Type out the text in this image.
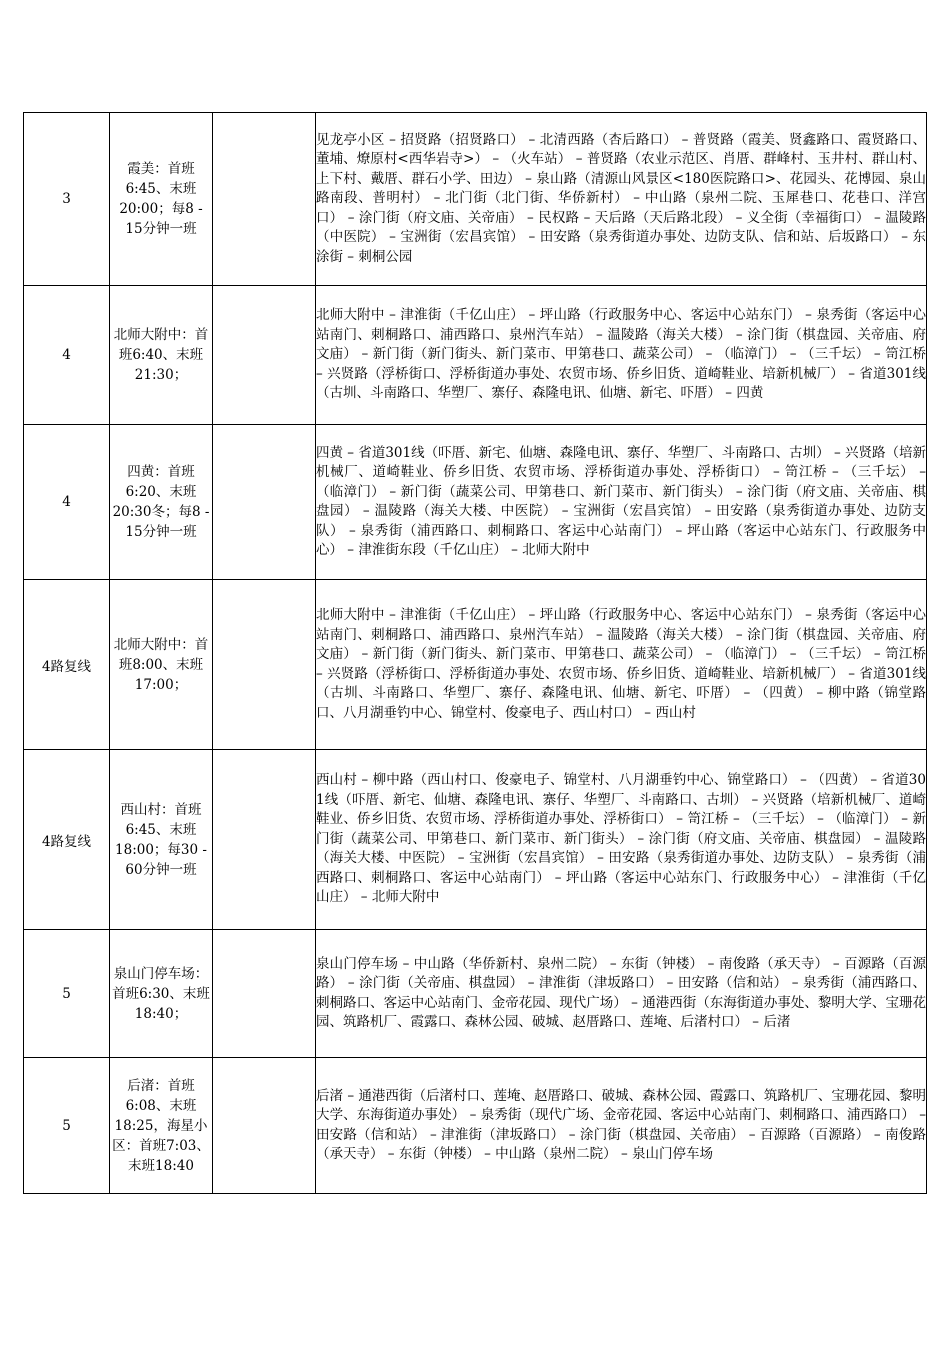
3	霞美：首班6:45、末班20:00；每8 - 15分钟一班		见龙亭小区 – 招贤路（招贤路口） – 北清西路（杏后路口） – 普贤路（霞美、贤鑫路口、霞贤路口、董埔、燎原村<西华岩寺>） – （火车站） – 普贤路（农业示范区、肖厝、群峰村、玉井村、群山村、上下村、戴厝、群石小学、田边） – 泉山路（清源山风景区<180医院路口>、花园头、花博园、泉山路南段、普明村） – 北门街（北门街、华侨新村） – 中山路（泉州二院、玉犀巷口、花巷口、洋宫口） – 涂门街（府文庙、关帝庙） – 民权路 – 天后路（天后路北段） – 义全街（幸福街口） – 温陵路（中医院） – 宝洲街（宏昌宾馆） – 田安路（泉秀街道办事处、边防支队、信和站、后坂路口） – 东涂街 – 刺桐公园

4	北师大附中：首班6:40、末班21:30；		北师大附中 – 津淮街（千亿山庄） – 坪山路（行政服务中心、客运中心站东门） – 泉秀街（客运中心站南门、刺桐路口、浦西路口、泉州汽车站） – 温陵路（海关大楼） – 涂门街（棋盘园、关帝庙、府文庙） – 新门街（新门街头、新门菜市、甲第巷口、蔬菜公司） – （临漳门） – （三千坛） – 笥江桥 – 兴贤路（浮桥街口、浮桥街道办事处、农贸市场、侨乡旧货、道崎鞋业、培新机械厂） – 省道301线（古圳、斗南路口、华塑厂、寨仔、森隆电讯、仙塘、新宅、吓厝） – 四黄

4	四黄：首班6:20、末班20:30冬；每8 - 15分钟一班		四黄 – 省道301线（吓厝、新宅、仙塘、森隆电讯、寨仔、华塑厂、斗南路口、古圳） – 兴贤路（培新机械厂、道崎鞋业、侨乡旧货、农贸市场、浮桥街道办事处、浮桥街口） – 笥江桥 – （三千坛） – （临漳门） – 新门街（蔬菜公司、甲第巷口、新门菜市、新门街头） – 涂门街（府文庙、关帝庙、棋盘园） – 温陵路（海关大楼、中医院） – 宝洲街（宏昌宾馆） – 田安路（泉秀街道办事处、边防支队） – 泉秀街（浦西路口、刺桐路口、客运中心站南门） – 坪山路（客运中心站东门、行政服务中心） – 津淮街东段（千亿山庄） – 北师大附中

4路复线	北师大附中：首班8:00、末班17:00；		北师大附中 – 津淮街（千亿山庄） – 坪山路（行政服务中心、客运中心站东门） – 泉秀街（客运中心站南门、刺桐路口、浦西路口、泉州汽车站） – 温陵路（海关大楼） – 涂门街（棋盘园、关帝庙、府文庙） – 新门街（新门街头、新门菜市、甲第巷口、蔬菜公司） – （临漳门） – （三千坛） – 笥江桥 – 兴贤路（浮桥街口、浮桥街道办事处、农贸市场、侨乡旧货、道崎鞋业、培新机械厂） – 省道301线（古圳、斗南路口、华塑厂、寨仔、森隆电讯、仙塘、新宅、吓厝） – （四黄） – 柳中路（锦堂路口、八月湖垂钓中心、锦堂村、俊豪电子、西山村口） – 西山村

4路复线	西山村：首班6:45、末班18:00；每30 - 60分钟一班		西山村 – 柳中路（西山村口、俊豪电子、锦堂村、八月湖垂钓中心、锦堂路口） – （四黄） – 省道301线（吓厝、新宅、仙塘、森隆电讯、寨仔、华塑厂、斗南路口、古圳） – 兴贤路（培新机械厂、道崎鞋业、侨乡旧货、农贸市场、浮桥街道办事处、浮桥街口） – 笥江桥 – （三千坛） – （临漳门） – 新门街（蔬菜公司、甲第巷口、新门菜市、新门街头） – 涂门街（府文庙、关帝庙、棋盘园） – 温陵路（海关大楼、中医院） – 宝洲街（宏昌宾馆） – 田安路（泉秀街道办事处、边防支队） – 泉秀街（浦西路口、刺桐路口、客运中心站南门） – 坪山路（客运中心站东门、行政服务中心） – 津淮街（千亿山庄） – 北师大附中

5	泉山门停车场：首班6:30、末班18:40；		泉山门停车场 – 中山路（华侨新村、泉州二院） – 东街（钟楼） – 南俊路（承天寺） – 百源路（百源路） – 涂门街（关帝庙、棋盘园） – 津淮街（津坂路口） – 田安路（信和站） – 泉秀街（浦西路口、刺桐路口、客运中心站南门、金帝花园、现代广场） – 通港西街（东海街道办事处、黎明大学、宝珊花园、筑路机厂、霞露口、森林公园、破城、赵厝路口、莲埯、后渚村口） – 后渚

5	后渚：首班6:08、末班18:25，海星小区：首班7:03、末班18:40		后渚 – 通港西街（后渚村口、莲埯、赵厝路口、破城、森林公园、霞露口、筑路机厂、宝珊花园、黎明大学、东海街道办事处） – 泉秀街（现代广场、金帝花园、客运中心站南门、刺桐路口、浦西路口） – 田安路（信和站） – 津淮街（津坂路口） – 涂门街（棋盘园、关帝庙） – 百源路（百源路） – 南俊路（承天寺） – 东街（钟楼） – 中山路（泉州二院） – 泉山门停车场
